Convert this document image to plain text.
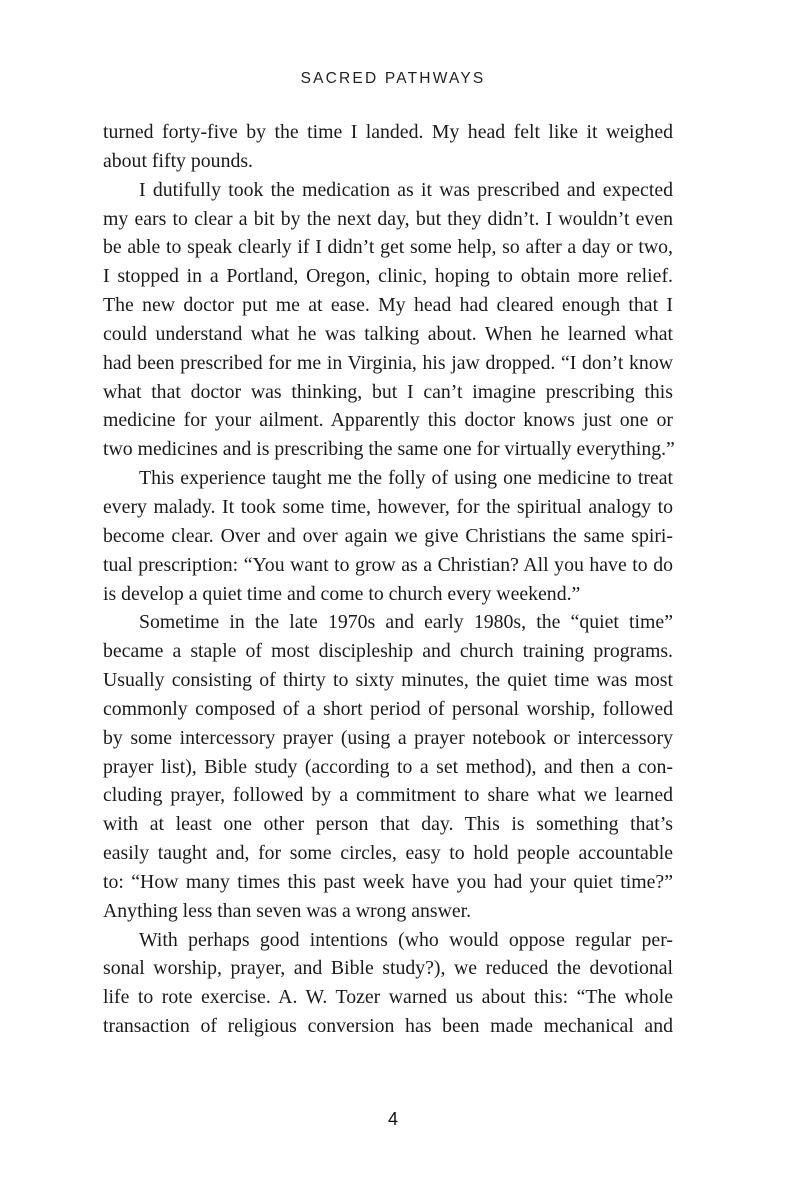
SACRED PATHWAYS
turned forty-five by the time I landed. My head felt like it weighed
about fifty pounds.
I dutifully took the medication as it was prescribed and expected
my ears to clear a bit by the next day, but they didn’t. I wouldn’t even
be able to speak clearly if I didn’t get some help, so after a day or two,
I stopped in a Portland, Oregon, clinic, hoping to obtain more relief.
The new doctor put me at ease. My head had cleared enough that I
could understand what he was talking about. When he learned what
had been prescribed for me in Virginia, his jaw dropped. “I don’t know
what that doctor was thinking, but I can’t imagine prescribing this
medicine for your ailment. Apparently this doctor knows just one or
two medicines and is prescribing the same one for virtually everything.”
This experience taught me the folly of using one medicine to treat
every malady. It took some time, however, for the spiritual analogy to
become clear. Over and over again we give Christians the same spiri-
tual prescription: “You want to grow as a Christian? All you have to do
is develop a quiet time and come to church every weekend.”
Sometime in the late 1970s and early 1980s, the “quiet time”
became a staple of most discipleship and church training programs.
Usually consisting of thirty to sixty minutes, the quiet time was most
commonly composed of a short period of personal worship, followed
by some intercessory prayer (using a prayer notebook or intercessory
prayer list), Bible study (according to a set method), and then a con-
cluding prayer, followed by a commitment to share what we learned
with at least one other person that day. This is something that’s
easily taught and, for some circles, easy to hold people accountable
to: “How many times this past week have you had your quiet time?”
Anything less than seven was a wrong answer.
With perhaps good intentions (who would oppose regular per-
sonal worship, prayer, and Bible study?), we reduced the devotional
life to rote exercise. A. W. Tozer warned us about this: “The whole
transaction of religious conversion has been made mechanical and
4
